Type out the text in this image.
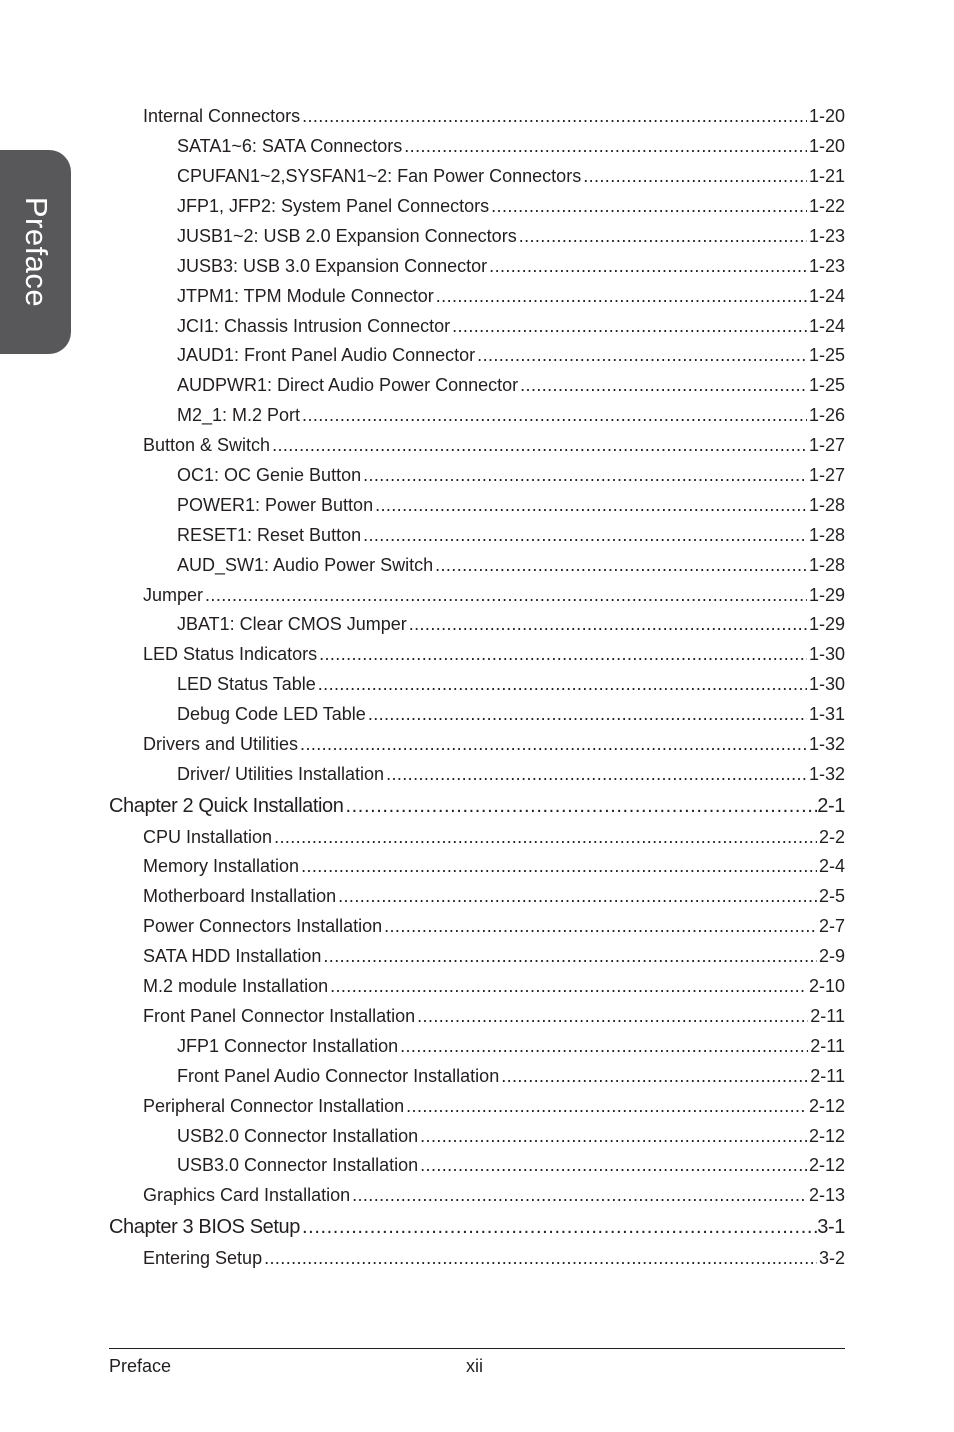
Preface
Internal Connectors .....	1-20
SATA1~6: SATA Connectors .....	1-20
CPUFAN1~2,SYSFAN1~2: Fan Power Connectors .....	1-21
JFP1, JFP2: System Panel Connectors .....	1-22
JUSB1~2: USB 2.0 Expansion Connectors .....	1-23
JUSB3: USB 3.0 Expansion Connector .....	1-23
JTPM1: TPM Module Connector .....	1-24
JCI1: Chassis Intrusion Connector .....	1-24
JAUD1: Front Panel Audio Connector .....	1-25
AUDPWR1: Direct Audio Power Connector .....	1-25
M2_1: M.2 Port .....	1-26
Button & Switch .....	1-27
OC1: OC Genie Button .....	1-27
POWER1: Power Button .....	1-28
RESET1: Reset Button .....	1-28
AUD_SW1: Audio Power Switch .....	1-28
Jumper .....	1-29
JBAT1: Clear CMOS Jumper .....	1-29
LED Status Indicators .....	1-30
LED Status Table .....	1-30
Debug Code LED Table .....	1-31
Drivers and Utilities .....	1-32
Driver/ Utilities Installation .....	1-32
Chapter 2 Quick Installation .....	2-1
CPU Installation .....	2-2
Memory Installation .....	2-4
Motherboard Installation .....	2-5
Power Connectors Installation .....	2-7
SATA HDD Installation .....	2-9
M.2 module Installation .....	2-10
Front Panel Connector Installation .....	2-11
JFP1 Connector Installation .....	2-11
Front Panel Audio Connector Installation .....	2-11
Peripheral Connector Installation .....	2-12
USB2.0 Connector Installation .....	2-12
USB3.0 Connector Installation .....	2-12
Graphics Card Installation .....	2-13
Chapter 3 BIOS Setup .....	3-1
Entering Setup .....	3-2
Preface	xii
